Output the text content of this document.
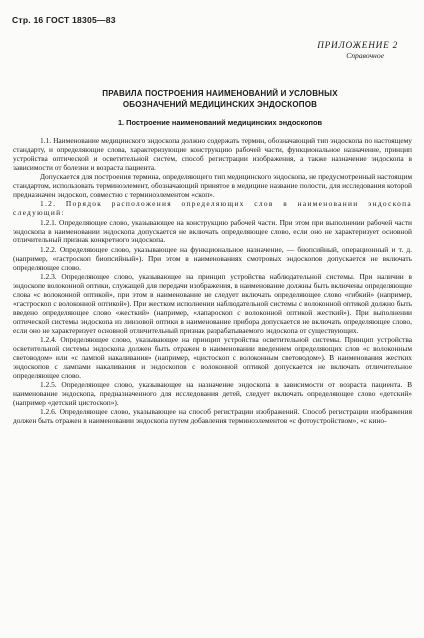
Стр. 16 ГОСТ 18305—83
ПРИЛОЖЕНИЕ 2
Справочное
ПРАВИЛА ПОСТРОЕНИЯ НАИМЕНОВАНИЙ И УСЛОВНЫХ
ОБОЗНАЧЕНИЙ МЕДИЦИНСКИХ ЭНДОСКОПОВ
1. Построение наименований медицинских эндоскопов

1.1. Наименование медицинского эндоскопа должно содержать термин, обозначающий тип эндоскопа по настоящему стандарту, и определяющие слова, характеризующие конструкцию рабочей части, функциональное назначение, принцип устройства оптической и осветительной систем, способ регистрации изображения, а также назначение эндоскопа в зависимости от болезни и возраста пациента.

Допускается для построения термина, определяющего тип медицинского эндоскопа, не предусмотренный настоящим стандартом, использовать терминоэлемент, обозначающий принятое в медицине название полости, для исследования которой предназначен эндоскоп, совместно с терминоэлементом «скоп».

1.2. Порядок расположения определяющих слов в наименовании эндоскопа следующий:

1.2.1. Определяющее слово, указывающее на конструкцию рабочей части. При этом при выполнении рабочей части эндоскопа в наименовании эндоскопа допускается не включать определяющее слово, если оно не характеризует основной отличительный признак конкретного эндоскопа.

1.2.2. Определяющее слово, указывающее на функциональное назначение, — биопсийный, операционный и т. д. (например, «гастроскоп биопсийный»). При этом в наименованиях смотровых эндоскопов допускается не включать определяющее слово.

1.2.3. Определяющее слово, указывающее на принцип устройства наблюдательной системы. При наличии в эндоскопе волоконной оптики, служащей для передачи изображения, в наименование должны быть включены определяющие слова «с волоконной оптикой», при этом в наименование не следует включать определяющее слово «гибкий» (например, «гастроскоп с волоконной оптикой»). При жестком исполнении наблюдательной системы с волоконной оптикой должно быть введено определяющее слово «жесткий» (например, «лапароскоп с волоконной оптикой жесткий»). При выполнении оптической системы эндоскопа из линзовой оптики в наименование прибора допускается не включать определяющее слово, если оно не характеризует основной отличительный признак разрабатываемого эндоскопа от существующих.

1.2.4. Определяющее слово, указывающее на принцип устройства осветительной системы. Принцип устройства осветительной системы эндоскопа должен быть отражен в наименовании введением определяющих слов «с волоконным световодом» или «с лампой накаливания» (например, «цистоскоп с волоконным световодом»). В наименования жестких эндоскопов с лампами накаливания и эндоскопов с волоконной оптикой допускается не включать отличительное определяющее слово.

1.2.5. Определяющее слово, указывающее на назначение эндоскопа в зависимости от возраста пациента. В наименование эндоскопа, предназначенного для исследования детей, следует включать определяющее слово «детский» (например «детский цистоскоп»).

1.2.6. Определяющее слово, указывающее на способ регистрации изображений. Способ регистрации изображения должен быть отражен в наименовании эндоскопа путем добавления терминоэлементов «с фотоустройством», «с кино-
